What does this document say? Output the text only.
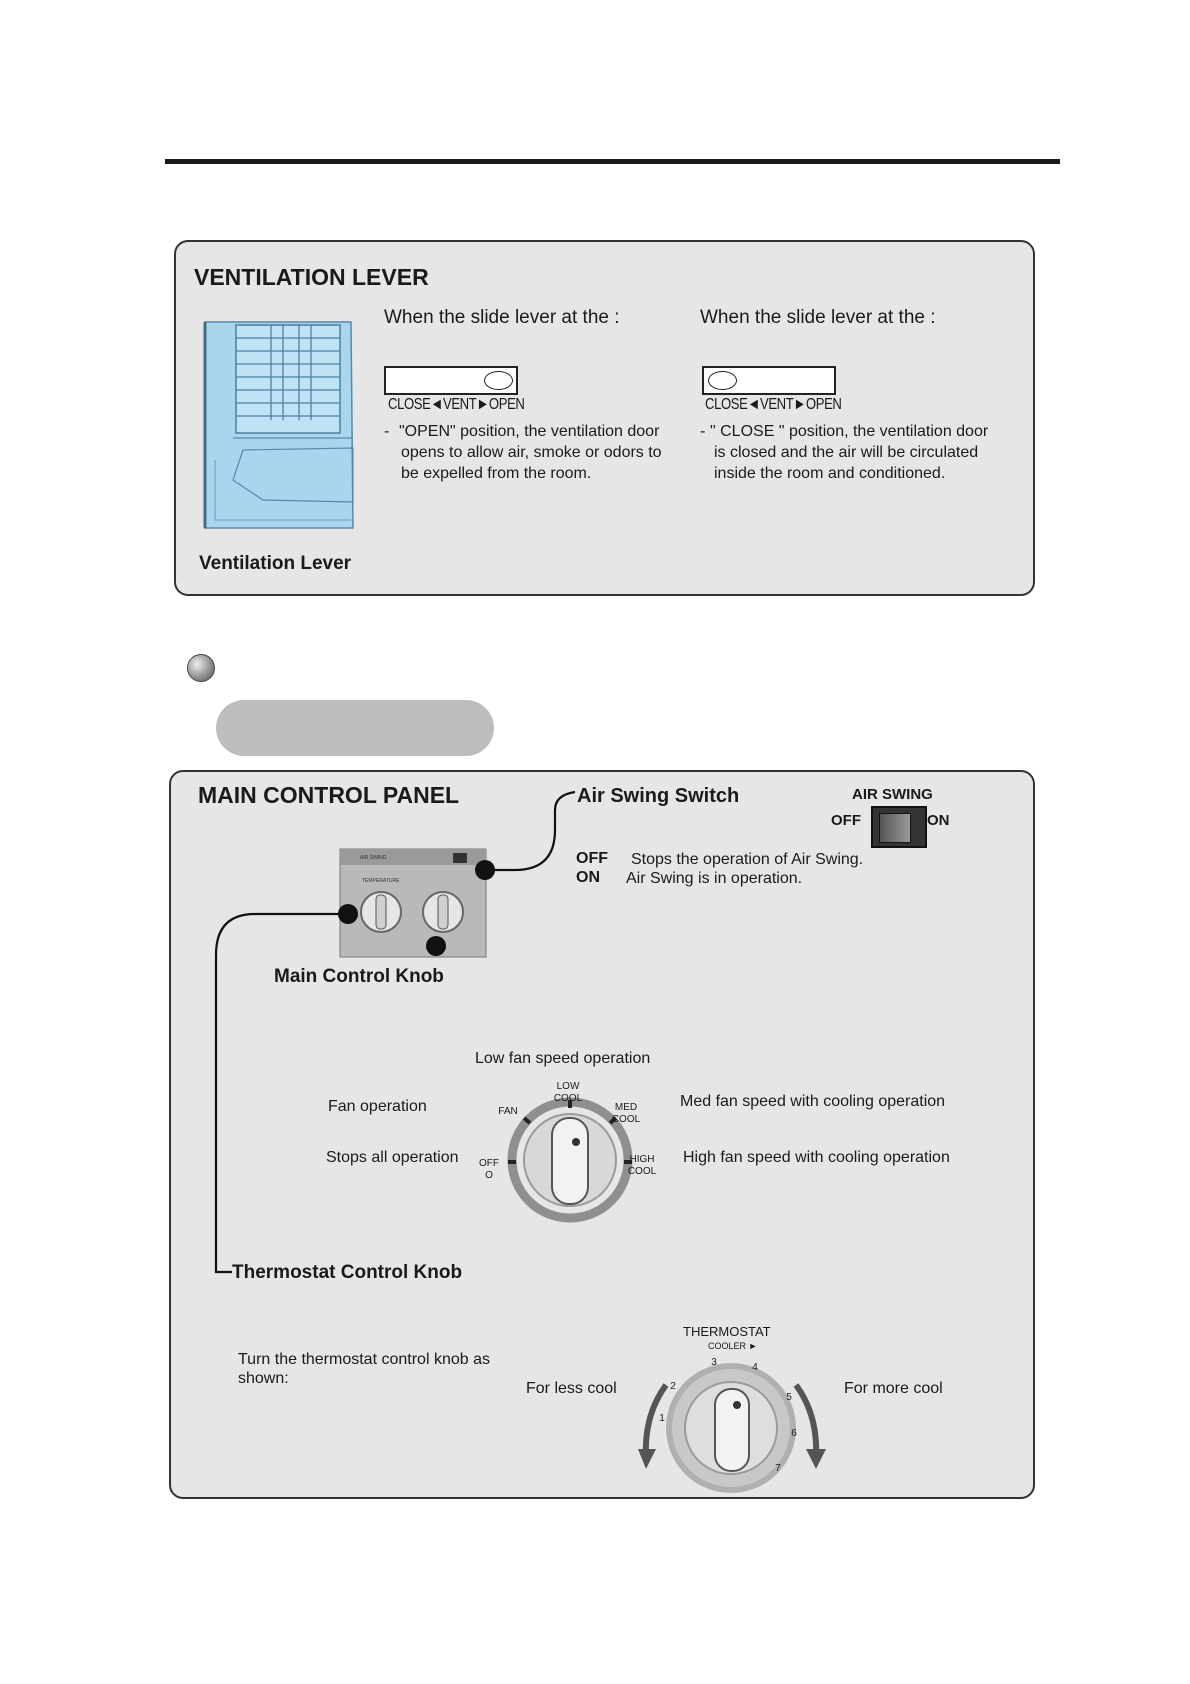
VENTILATION LEVER
Ventilation Lever
When the slide lever at the :
CLOSE◄VENT►OPEN
- "OPEN" position, the ventilation door
opens to allow air, smoke or odors to
be expelled from the room.
When the slide lever at the :
CLOSE◄VENT►OPEN
- " CLOSE " position, the ventilation door
is closed and the air will be circulated
inside the room and conditioned.
MAIN CONTROL PANEL
AIR SWING
TEMPERATURE
Air Swing Switch	AIR SWING
OFF	ON
OFF Stops the operation of Air Swing.
ON Air Swing is in operation.
Main Control Knob
Low fan speed operation
Fan operation
Stops all operation
Med fan speed with cooling operation
High fan speed with cooling operation
LOW
COOL
FAN	MED
COOL
OFF
O
HIGH
COOL
Thermostat Control Knob
Turn the thermostat control knob as
shown:
For less cool	For more cool
THERMOSTAT
COOLER ►
1
2
3	4
5
6
7
